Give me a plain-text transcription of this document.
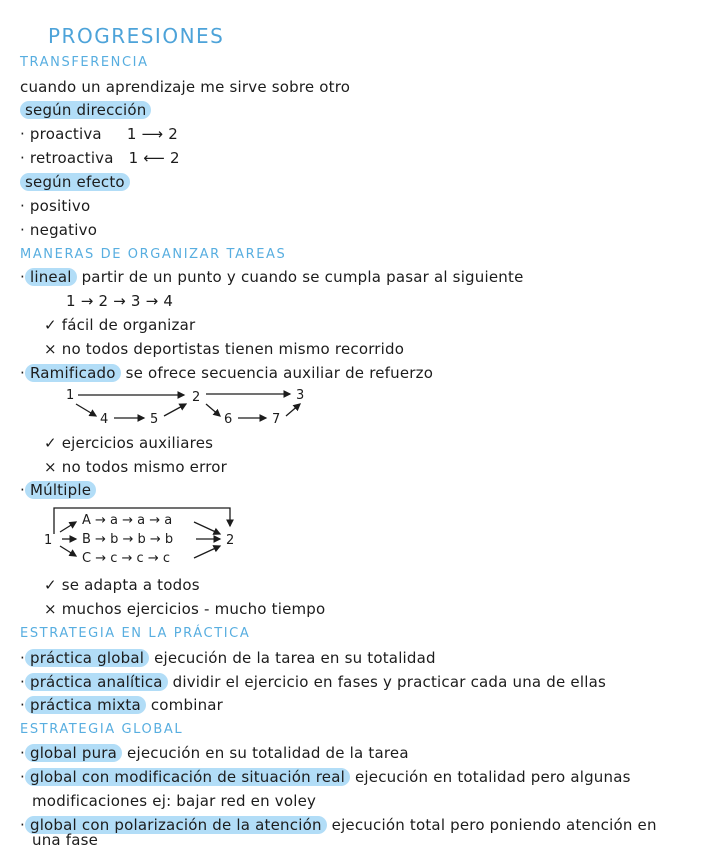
PROGRESIONES
TRANSFERENCIA
cuando un aprendizaje me sirve sobre otro
según dirección
· proactiva 1 ⟶ 2
· retroactiva 1 ⟵ 2
según efecto
· positivo
· negativo
MANERAS DE ORGANIZAR TAREAS
· lineal partir de un punto y cuando se cumpla pasar al siguiente
1 → 2 → 3 → 4
✓ fácil de organizar
× no todos deportistas tienen mismo recorrido
· Ramificado se ofrece secuencia auxiliar de refuerzo
1	2	3
4	5	6	7
✓ ejercicios auxiliares
× no todos mismo error
· Múltiple
1	2
A → a → a → a
B → b → b → b
C → c → c → c
✓ se adapta a todos
× muchos ejercicios - mucho tiempo
ESTRATEGIA EN LA PRÁCTICA
· práctica global ejecución de la tarea en su totalidad
· práctica analítica dividir el ejercicio en fases y practicar cada una de ellas
· práctica mixta combinar
ESTRATEGIA GLOBAL
· global pura ejecución en su totalidad de la tarea
· global con modificación de situación real ejecución en totalidad pero algunas
modificaciones ej: bajar red en voley
· global con polarización de la atención ejecución total pero poniendo atención en
una fase
